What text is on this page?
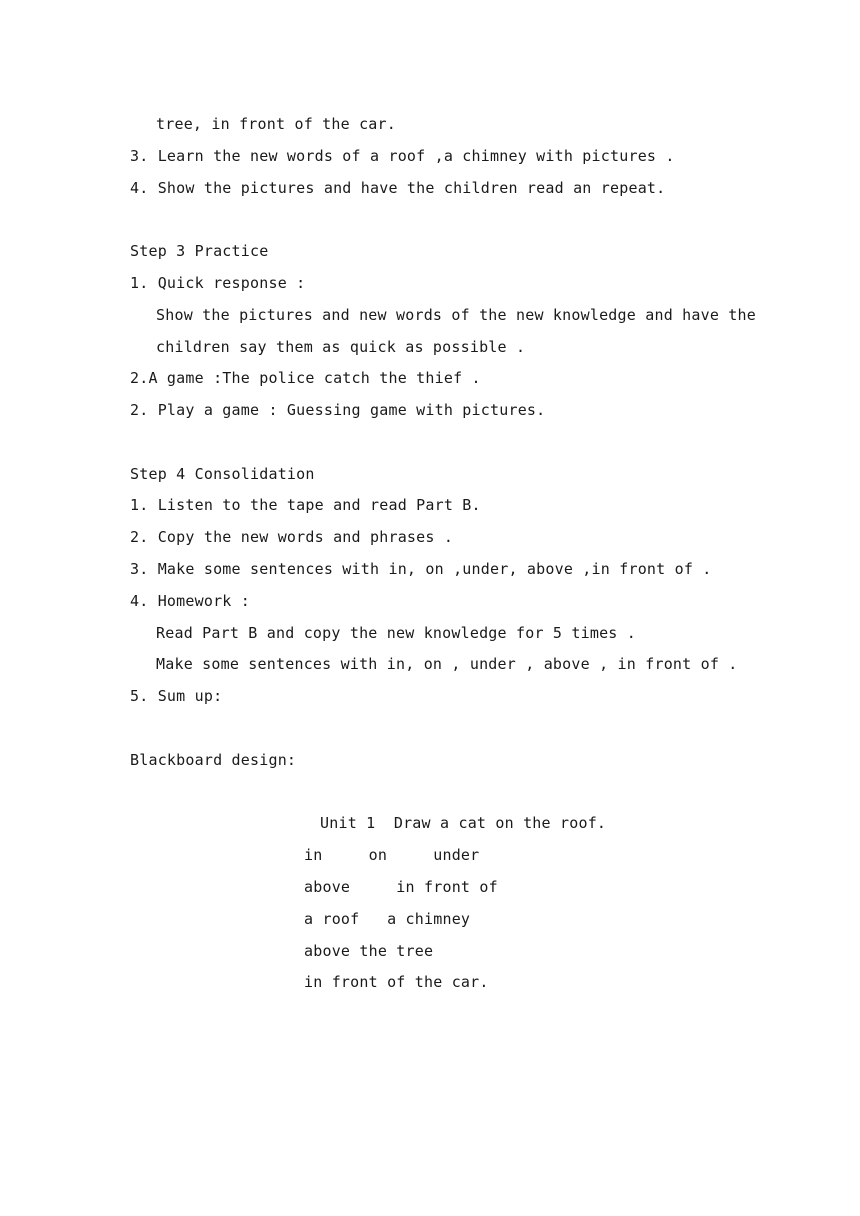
tree, in front of the car.
3. Learn the new words of a roof ,a chimney with pictures .
4. Show the pictures and have the children read an repeat.
Step 3 Practice
1. Quick response :
Show the pictures and new words of the new knowledge and have the
children say them as quick as possible .
2.A game :The police catch the thief .
2. Play a game : Guessing game with pictures.
Step 4 Consolidation
1. Listen to the tape and read Part B.
2. Copy the new words and phrases .
3. Make some sentences with in, on ,under, above ,in front of .
4. Homework :
Read Part B and copy the new knowledge for 5 times .
Make some sentences with in, on , under , above , in front of .
5. Sum up:
Blackboard design:
Unit 1  Draw a cat on the roof.
in     on     under
above     in front of
a roof   a chimney
above the tree
in front of the car.
